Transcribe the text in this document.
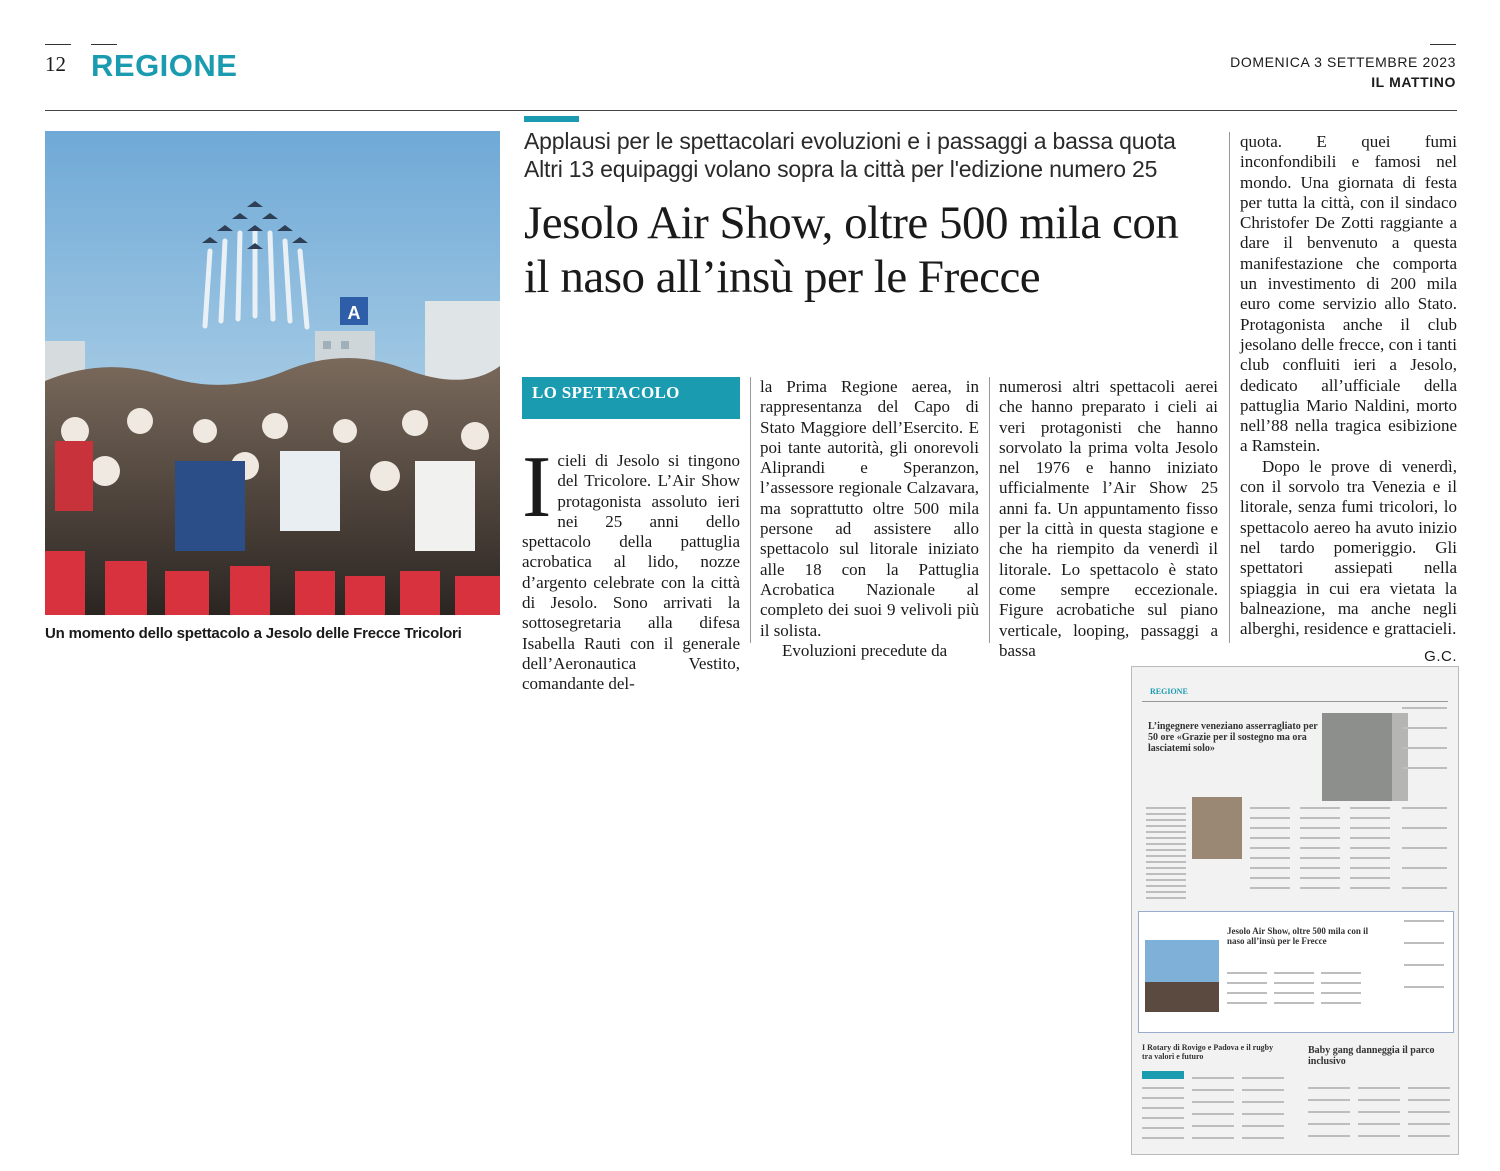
12 REGIONE	DOMENICA 3 SETTEMBRE 2023
IL MATTINO
A
Un momento dello spettacolo a Jesolo delle Frecce Tricolori
Applausi per le spettacolari evoluzioni e i passaggi a bassa quota
Altri 13 equipaggi volano sopra la città per l'edizione numero 25
Jesolo Air Show, oltre 500 mila con il naso all’insù per le Frecce
LO SPETTACOLO

Icieli di Jesolo si tingono del Tricolore. L’Air Show protagonista assoluto ieri nei 25 anni dello spettacolo della pattuglia acrobatica al lido, nozze d’argento celebrate con la città di Jesolo. Sono arrivati la sottosegretaria alla difesa Isabella Rauti con il generale dell’Aeronautica Vestito, comandante del-

la Prima Regione aerea, in rappresentanza del Capo di Stato Maggiore dell’Esercito. E poi tante autorità, gli onorevoli Aliprandi e Speranzon, l’assessore regionale Calzavara, ma soprattutto oltre 500 mila persone ad assistere allo spettacolo sul litorale iniziato alle 18 con la Pattuglia Acrobatica Nazionale al completo dei suoi 9 velivoli più il solista.

Evoluzioni precedute da

numerosi altri spettacoli aerei che hanno preparato i cieli ai veri protagonisti che hanno sorvolato la prima volta Jesolo nel 1976 e hanno iniziato ufficialmente l’Air Show 25 anni fa. Un appuntamento fisso per la città in questa stagione e che ha riempito da venerdì il litorale. Lo spettacolo è stato come sempre eccezionale. Figure acrobatiche sul piano verticale, looping, passaggi a bassa

quota. E quei fumi inconfondibili e famosi nel mondo. Una giornata di festa per tutta la città, con il sindaco Christofer De Zotti raggiante a dare il benvenuto a questa manifestazione che comporta un investimento di 200 mila euro come servizio allo Stato. Protagonista anche il club jesolano delle frecce, con i tanti club confluiti ieri a Jesolo, dedicato all’ufficiale della pattuglia Mario Naldini, morto nell’88 nella tragica esibizione a Ramstein.

Dopo le prove di venerdì, con il sorvolo tra Venezia e il litorale, senza fumi tricolori, lo spettacolo aereo ha avuto inizio nel tardo pomeriggio. Gli spettatori assiepati nella spiaggia in cui era vietata la balneazione, ma anche negli alberghi, residence e grattacieli.

G.C.
REGIONE
L’ingegnere veneziano asserragliato per 50 ore «Grazie per il sostegno ma ora lasciatemi solo»
Jesolo Air Show, oltre 500 mila con il naso all’insù per le Frecce
I Rotary di Rovigo e Padova e il rugby tra valori e futuro
Baby gang danneggia il parco inclusivo
